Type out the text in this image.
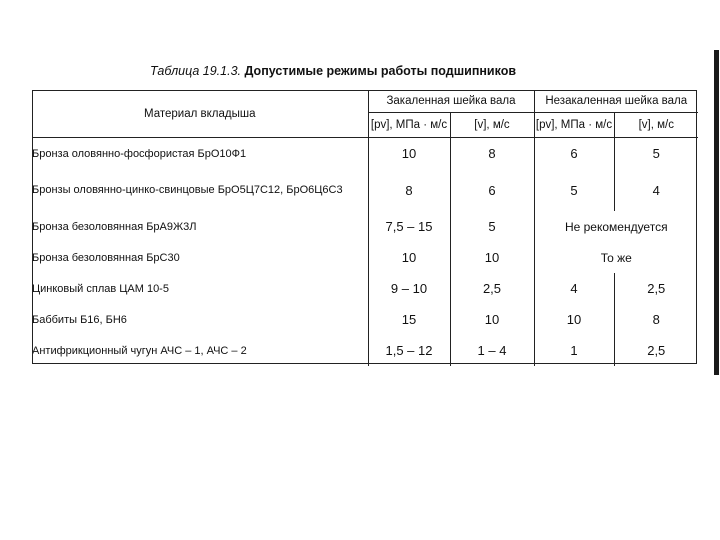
Таблица 19.1.3. Допустимые режимы работы подшипников
Материал вкладыша	Закаленная шейка вала		Незакаленная шейка вала	
	[pv], МПа · м/с	[v], м/с	[pv], МПа · м/с	[v], м/с
Бронза оловянно-фосфористая БрО10Ф1	10	8	6	5
Бронзы оловянно-цинко-свинцовые БрО5Ц7С12, БрО6Ц6С3	8	6	5	4
Бронза безоловянная БрА9Ж3Л	7,5 – 15	5	Не рекомендуется	
Бронза безоловянная БрС30	10	10	То же	
Цинковый сплав ЦАМ 10-5	9 – 10	2,5	4	2,5
Баббиты Б16, БН6	15	10	10	8
Антифрикционный чугун АЧС – 1, АЧС – 2	1,5 – 12	1 – 4	1	2,5
